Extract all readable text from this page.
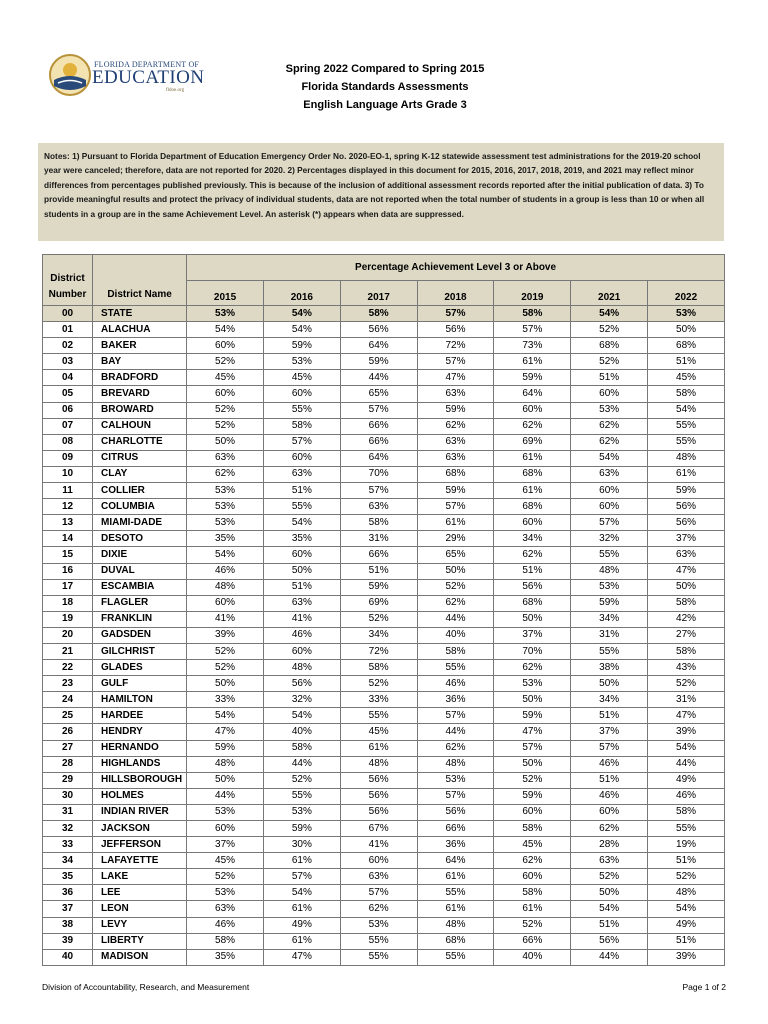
FLORIDA DEPARTMENT OF
EDUCATION
fldoe.org
Spring 2022 Compared to Spring 2015
Florida Standards Assessments
English Language Arts Grade 3
Notes: 1) Pursuant to Florida Department of Education Emergency Order No. 2020-EO-1, spring K-12 statewide assessment test administrations for the 2019-20 school year were canceled; therefore, data are not reported for 2020. 2) Percentages displayed in this document for 2015, 2016, 2017, 2018, 2019, and 2021 may reflect minor differences from percentages published previously. This is because of the inclusion of additional assessment records reported after the initial publication of data. 3) To provide meaningful results and protect the privacy of individual students, data are not reported when the total number of students in a group is less than 10 or when all students in a group are in the same Achievement Level. An asterisk (*) appears when data are suppressed.
District Number	District Name	Percentage Achievement Level 3 or Above						
		2015	2016	2017	2018	2019	2021	2022
00	STATE	53%	54%	58%	57%	58%	54%	53%
01	ALACHUA	54%	54%	56%	56%	57%	52%	50%
02	BAKER	60%	59%	64%	72%	73%	68%	68%
03	BAY	52%	53%	59%	57%	61%	52%	51%
04	BRADFORD	45%	45%	44%	47%	59%	51%	45%
05	BREVARD	60%	60%	65%	63%	64%	60%	58%
06	BROWARD	52%	55%	57%	59%	60%	53%	54%
07	CALHOUN	52%	58%	66%	62%	62%	62%	55%
08	CHARLOTTE	50%	57%	66%	63%	69%	62%	55%
09	CITRUS	63%	60%	64%	63%	61%	54%	48%
10	CLAY	62%	63%	70%	68%	68%	63%	61%
11	COLLIER	53%	51%	57%	59%	61%	60%	59%
12	COLUMBIA	53%	55%	63%	57%	68%	60%	56%
13	MIAMI-DADE	53%	54%	58%	61%	60%	57%	56%
14	DESOTO	35%	35%	31%	29%	34%	32%	37%
15	DIXIE	54%	60%	66%	65%	62%	55%	63%
16	DUVAL	46%	50%	51%	50%	51%	48%	47%
17	ESCAMBIA	48%	51%	59%	52%	56%	53%	50%
18	FLAGLER	60%	63%	69%	62%	68%	59%	58%
19	FRANKLIN	41%	41%	52%	44%	50%	34%	42%
20	GADSDEN	39%	46%	34%	40%	37%	31%	27%
21	GILCHRIST	52%	60%	72%	58%	70%	55%	58%
22	GLADES	52%	48%	58%	55%	62%	38%	43%
23	GULF	50%	56%	52%	46%	53%	50%	52%
24	HAMILTON	33%	32%	33%	36%	50%	34%	31%
25	HARDEE	54%	54%	55%	57%	59%	51%	47%
26	HENDRY	47%	40%	45%	44%	47%	37%	39%
27	HERNANDO	59%	58%	61%	62%	57%	57%	54%
28	HIGHLANDS	48%	44%	48%	48%	50%	46%	44%
29	HILLSBOROUGH	50%	52%	56%	53%	52%	51%	49%
30	HOLMES	44%	55%	56%	57%	59%	46%	46%
31	INDIAN RIVER	53%	53%	56%	56%	60%	60%	58%
32	JACKSON	60%	59%	67%	66%	58%	62%	55%
33	JEFFERSON	37%	30%	41%	36%	45%	28%	19%
34	LAFAYETTE	45%	61%	60%	64%	62%	63%	51%
35	LAKE	52%	57%	63%	61%	60%	52%	52%
36	LEE	53%	54%	57%	55%	58%	50%	48%
37	LEON	63%	61%	62%	61%	61%	54%	54%
38	LEVY	46%	49%	53%	48%	52%	51%	49%
39	LIBERTY	58%	61%	55%	68%	66%	56%	51%
40	MADISON	35%	47%	55%	55%	40%	44%	39%
Division of Accountability, Research, and Measurement	Page 1 of 2
